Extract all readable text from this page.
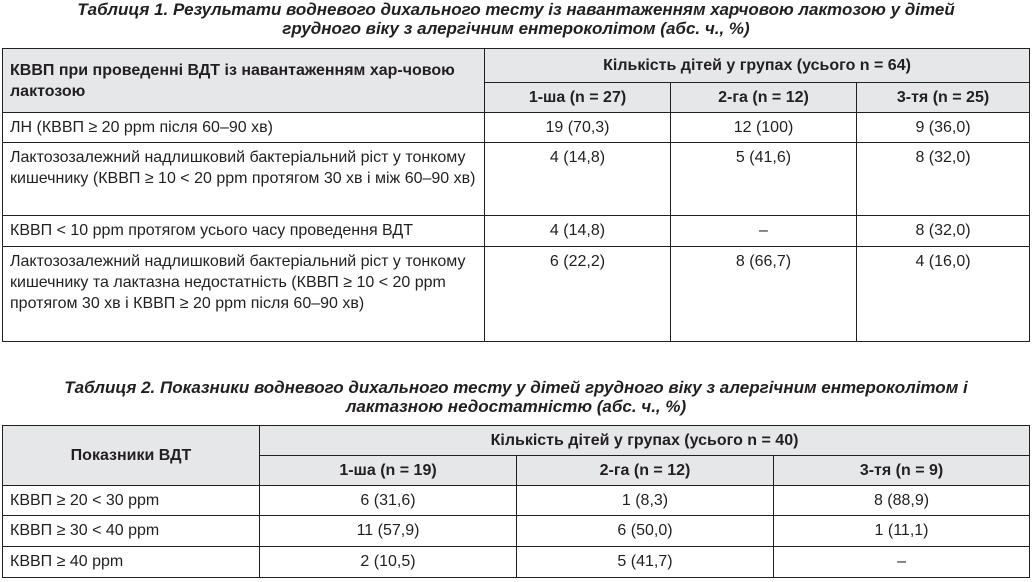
Таблиця 1. Результати водневого дихального тесту із навантаженням харчовою лактозою у дітей

грудного віку з алергічним ентероколітом (абс. ч., %)

КВВП при проведенні ВДТ із навантаженням хар-човою лактозою	Кількість дітей у групах (усього n = 64)		
	1-ша (n = 27)	2-га (n = 12)	3-тя (n = 25)
ЛН (КВВП ≥ 20 ppm після 60–90 хв)	19 (70,3)	12 (100)	9 (36,0)
Лактозозалежний надлишковий бактеріальний ріст у тонкому кишечнику (КВВП ≥ 10 < 20 ppm протягом 30 хв і між 60–90 хв)	4 (14,8)	5 (41,6)	8 (32,0)
КВВП < 10 ppm протягом усього часу проведення ВДТ	4 (14,8)	–	8 (32,0)
Лактозозалежний надлишковий бактеріальний ріст у тонкому кишечнику та лактазна недостатність (КВВП ≥ 10 < 20 ppm протягом 30 хв і КВВП ≥ 20 ppm після 60–90 хв)	6 (22,2)	8 (66,7)	4 (16,0)

Таблиця 2. Показники водневого дихального тесту у дітей грудного віку з алергічним ентероколітом і

лактазною недостатністю (абс. ч., %)

Показники ВДТ	Кількість дітей у групах (усього n = 40)		
	1-ша (n = 19)	2-га (n = 12)	3-тя (n = 9)
КВВП ≥ 20 < 30 ppm	6 (31,6)	1 (8,3)	8 (88,9)
КВВП ≥ 30 < 40 ppm	11 (57,9)	6 (50,0)	1 (11,1)
КВВП ≥ 40 ppm	2 (10,5)	5 (41,7)	–
